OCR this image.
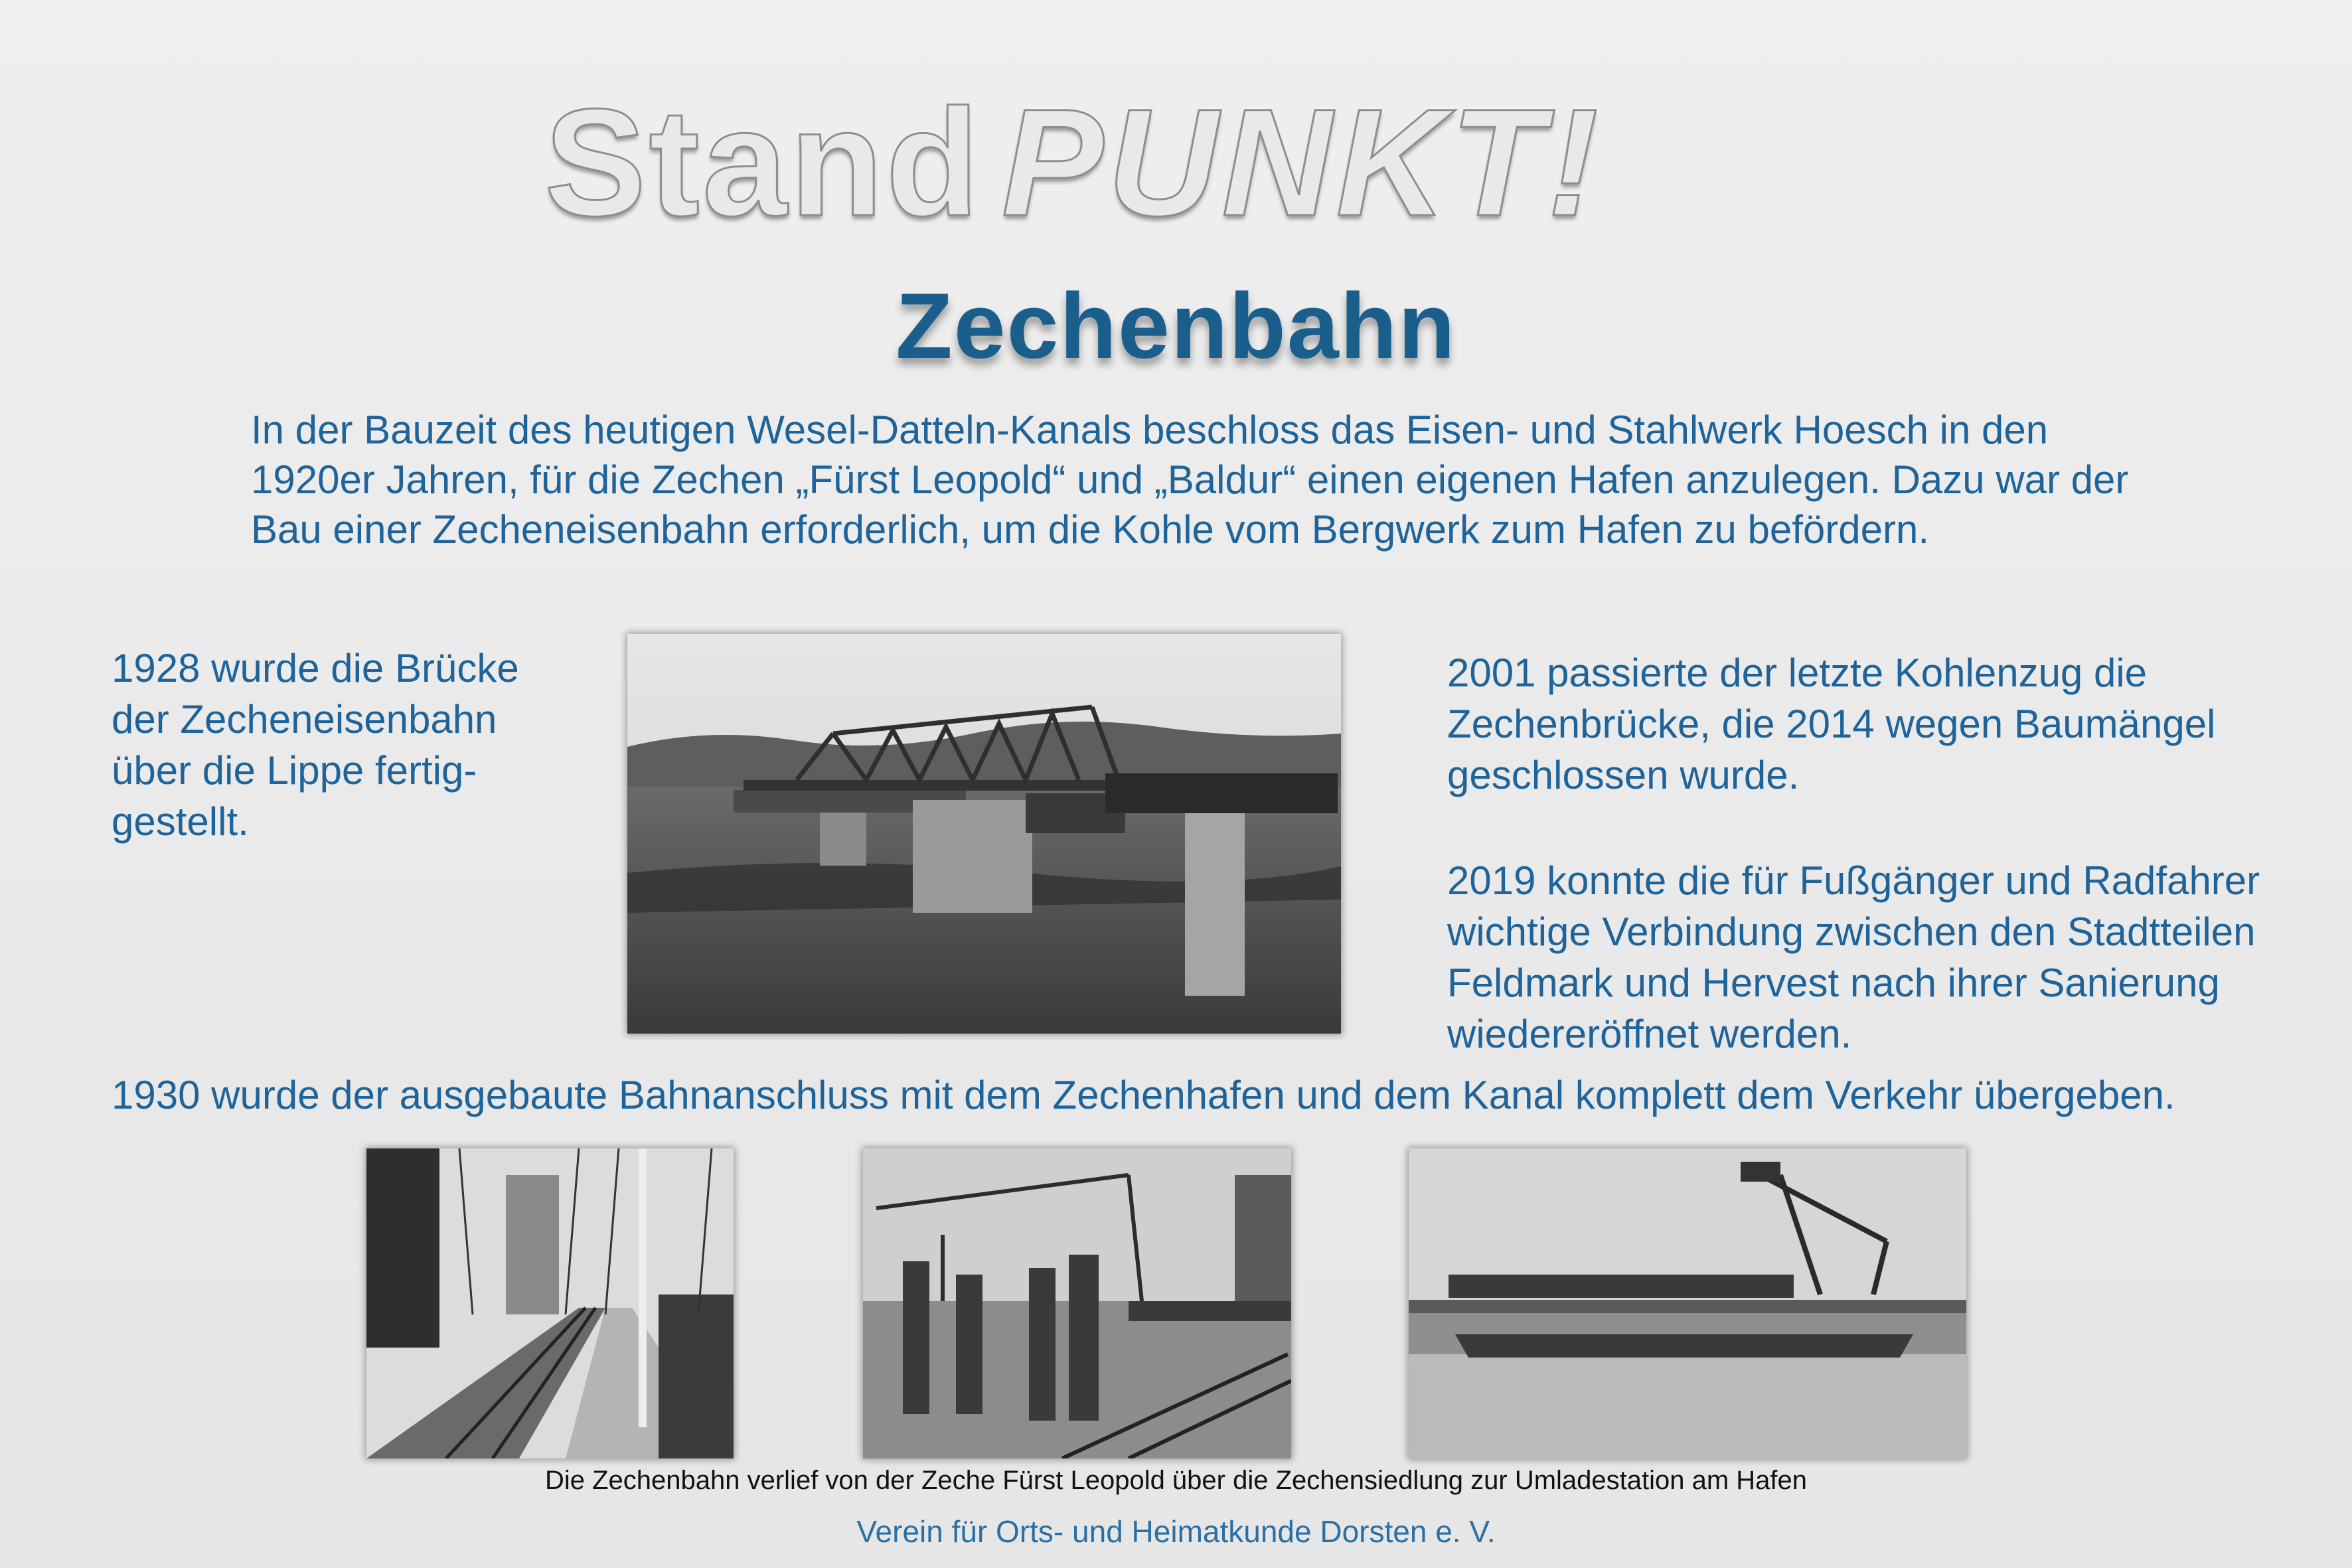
Stand PUNKT!
Zechenbahn
In der Bauzeit des heutigen Wesel-Datteln-Kanals beschloss das Eisen- und Stahlwerk Hoesch in den 1920er Jahren, für die Zechen „Fürst Leopold“ und „Baldur“ einen eigenen Hafen anzulegen. Dazu war der Bau einer Zecheneisenbahn erforderlich, um die Kohle vom Bergwerk zum Hafen zu befördern.
1928 wurde die Brücke der Zecheneisenbahn über die Lippe fertig-gestellt.
2001 passierte der letzte Kohlenzug die Zechenbrücke, die 2014 wegen Baumängel geschlossen wurde.
2019 konnte die für Fußgänger und Radfahrer wichtige Verbindung zwischen den Stadtteilen Feldmark und Hervest nach ihrer Sanierung wiedereröffnet werden.
1930 wurde der ausgebaute Bahnanschluss mit dem Zechenhafen und dem Kanal komplett dem Verkehr übergeben.
Die Zechenbahn verlief von der Zeche Fürst Leopold über die Zechensiedlung zur Umladestation am Hafen
Verein für Orts- und Heimatkunde Dorsten e. V.
